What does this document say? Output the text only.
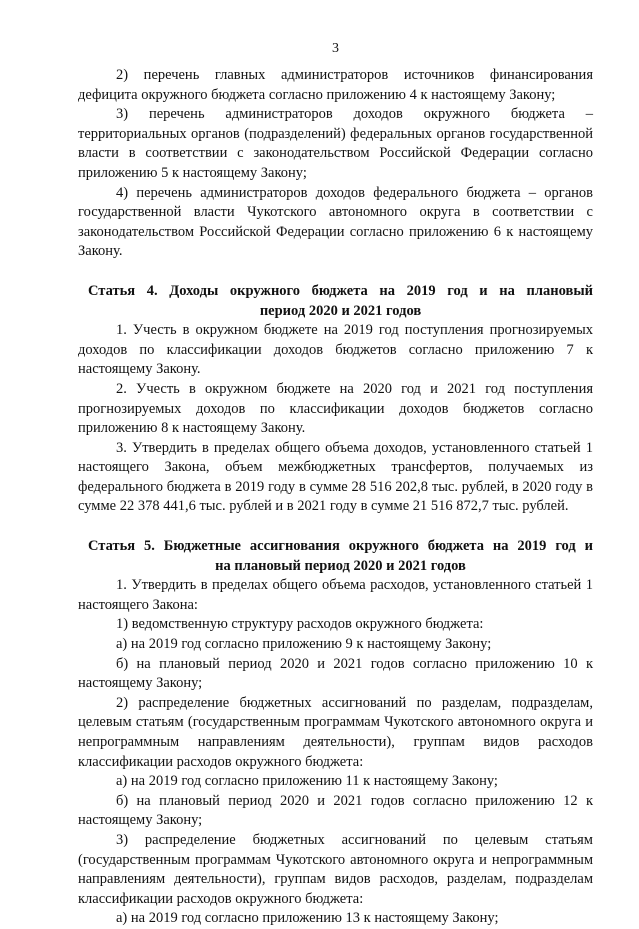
3

2) перечень главных администраторов источников финансирования дефицита окружного бюджета согласно приложению 4 к настоящему Закону;

3) перечень администраторов доходов окружного бюджета – территориальных органов (подразделений) федеральных органов государственной власти в соответствии с законодательством Российской Федерации согласно приложению 5 к настоящему Закону;

4) перечень администраторов доходов федерального бюджета – органов государственной власти Чукотского автономного округа в соответствии с законодательством Российской Федерации согласно приложению 6 к настоящему Закону.

Статья 4. Доходы окружного бюджета на 2019 год и на плановый
период 2020 и 2021 годов

1. Учесть в окружном бюджете на 2019 год поступления прогнозируемых доходов по классификации доходов бюджетов согласно приложению 7 к настоящему Закону.

2. Учесть в окружном бюджете на 2020 год и 2021 год поступления прогнозируемых доходов по классификации доходов бюджетов согласно приложению 8 к настоящему Закону.

3. Утвердить в пределах общего объема доходов, установленного статьей 1 настоящего Закона, объем межбюджетных трансфертов, получаемых из федерального бюджета в 2019 году в сумме 28 516 202,8 тыс. рублей, в 2020 году в сумме 22 378 441,6 тыс. рублей и в 2021 году в сумме 21 516 872,7 тыс. рублей.

Статья 5. Бюджетные ассигнования окружного бюджета на 2019 год и
на плановый период 2020 и 2021 годов

1. Утвердить в пределах общего объема расходов, установленного статьей 1 настоящего Закона:

1) ведомственную структуру расходов окружного бюджета:

а) на 2019 год согласно приложению 9 к настоящему Закону;

б) на плановый период 2020 и 2021 годов согласно приложению 10 к настоящему Закону;

2) распределение бюджетных ассигнований по разделам, подразделам, целевым статьям (государственным программам Чукотского автономного округа и непрограммным направлениям деятельности), группам видов расходов классификации расходов окружного бюджета:

а) на 2019 год согласно приложению 11 к настоящему Закону;

б) на плановый период 2020 и 2021 годов согласно приложению 12 к настоящему Закону;

3) распределение бюджетных ассигнований по целевым статьям (государственным программам Чукотского автономного округа и непрограммным направлениям деятельности), группам видов расходов, разделам, подразделам классификации расходов окружного бюджета:

а) на 2019 год согласно приложению 13 к настоящему Закону;
